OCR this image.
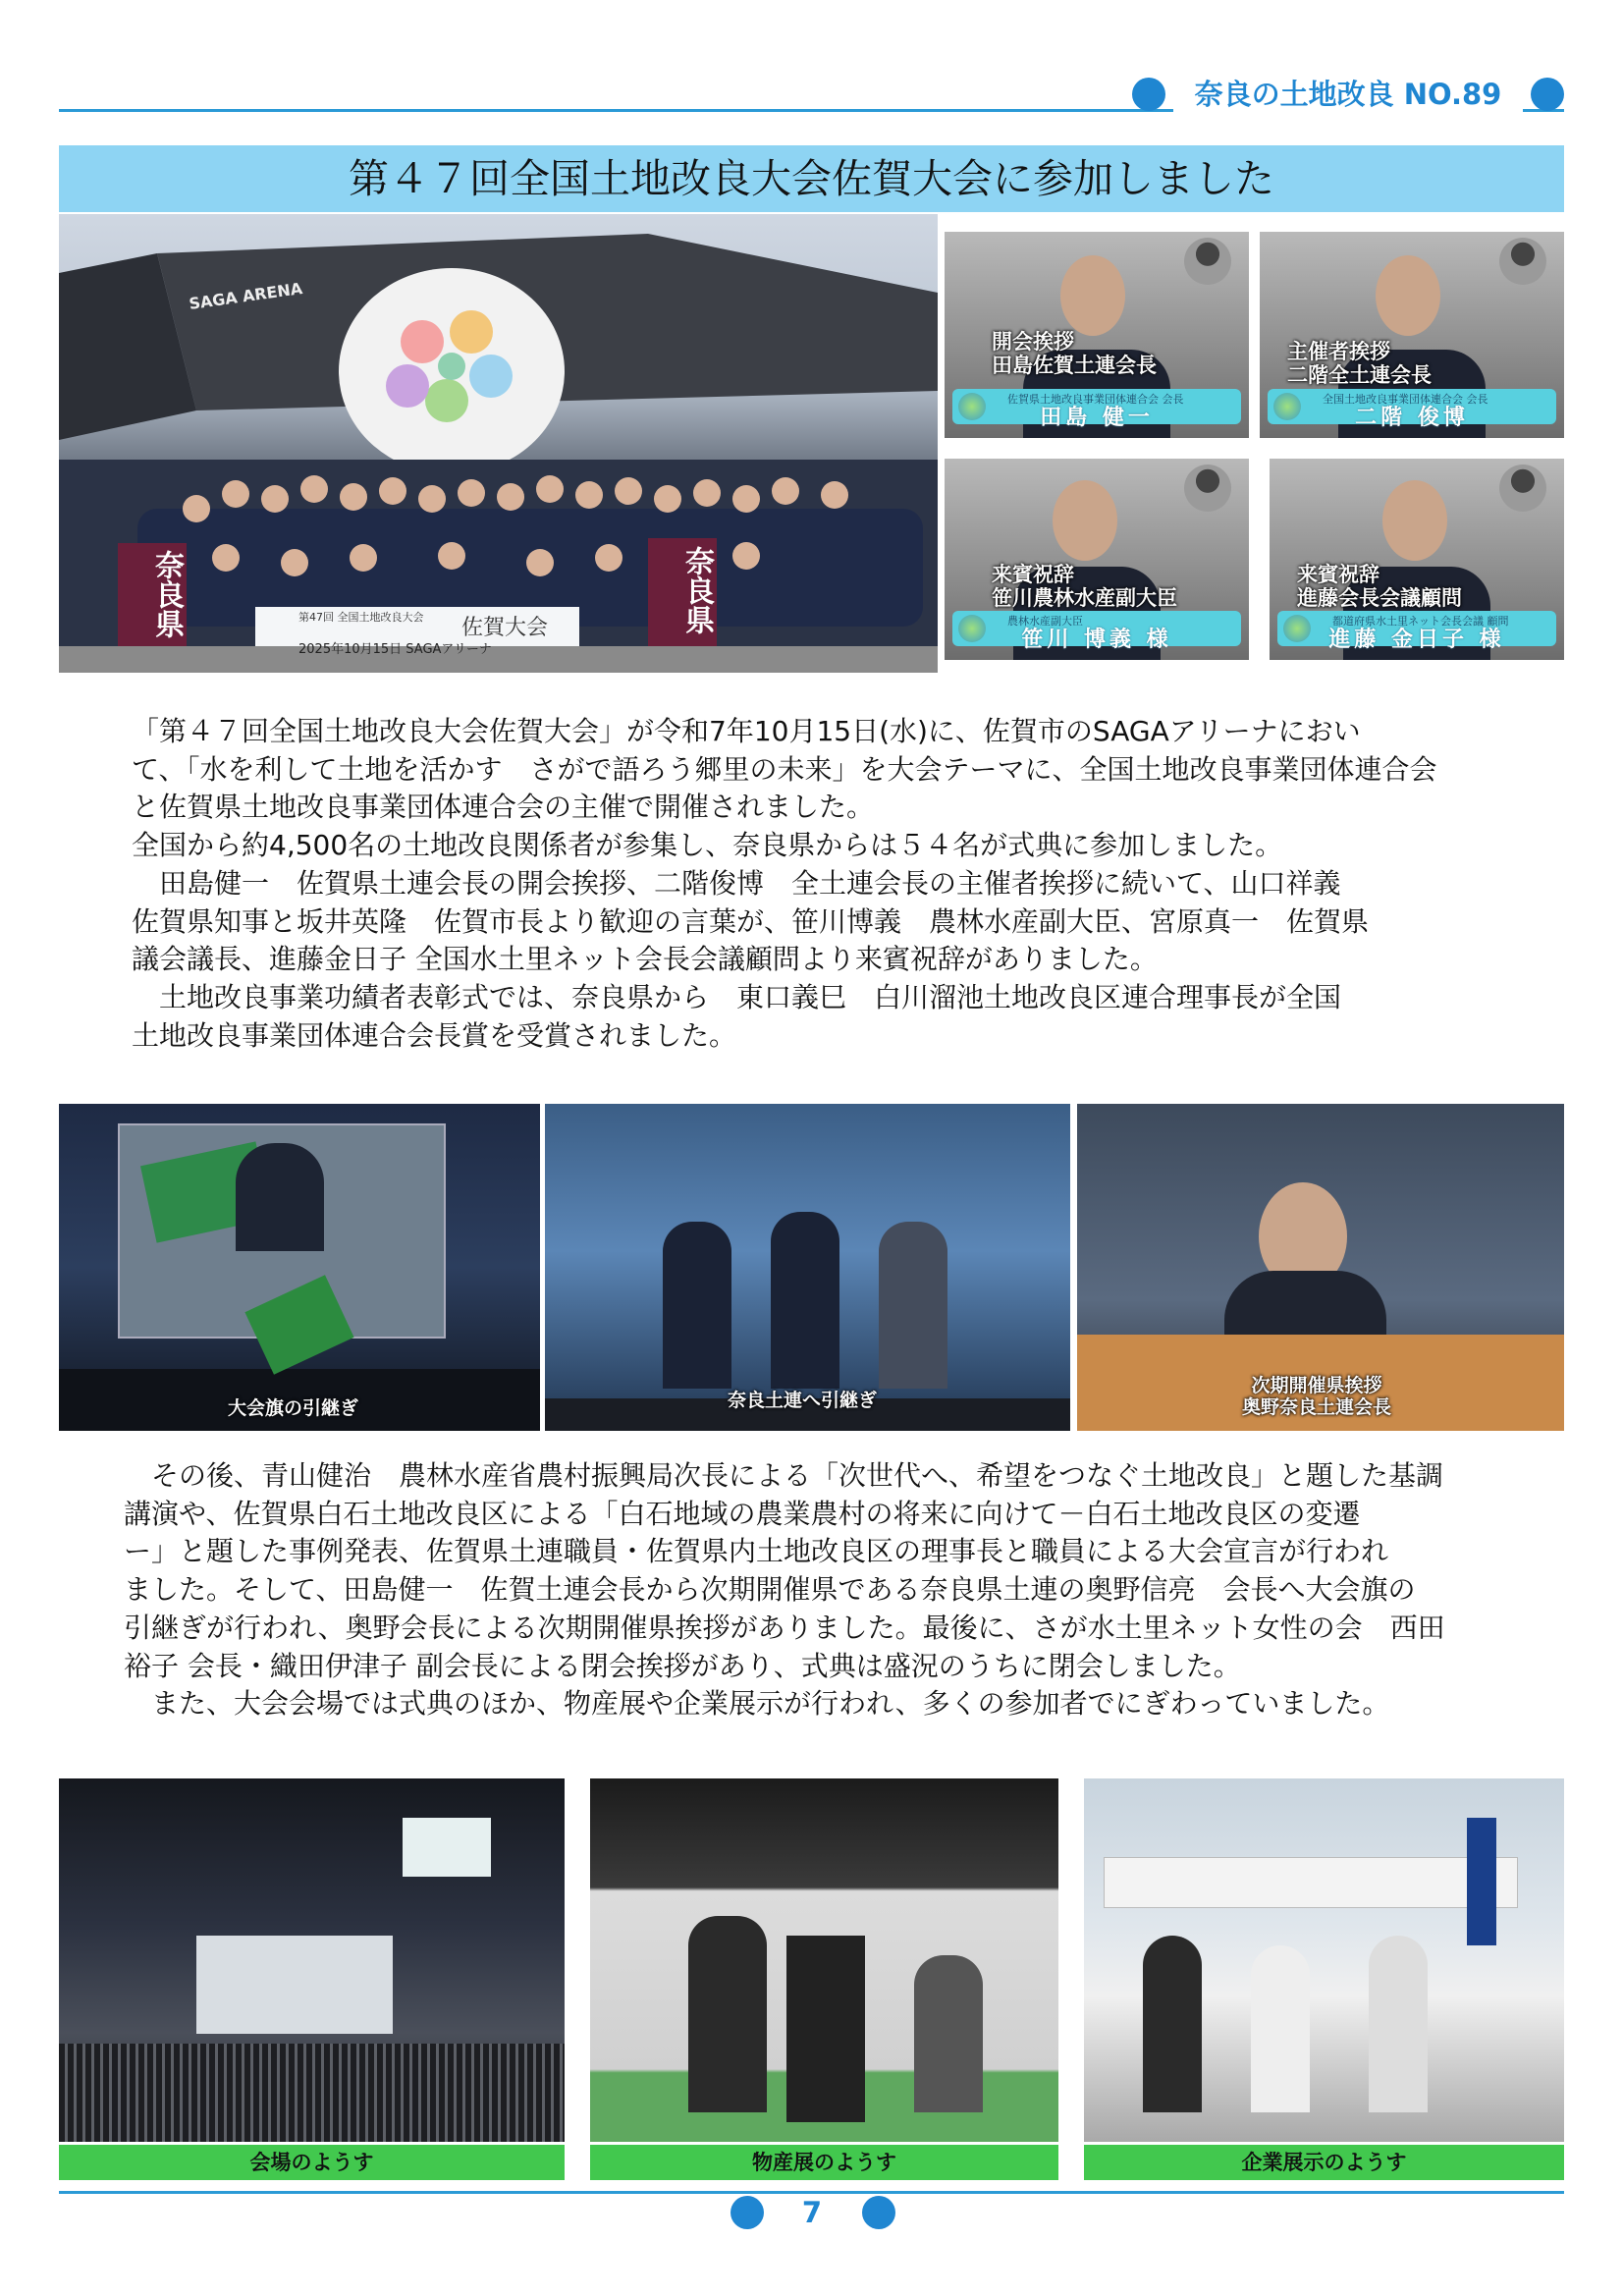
奈良の土地改良 NO.89
第４７回全国土地改良大会佐賀大会に参加しました
SAGA ARENA
奈良県	奈良県
第47回 全国土地改良大会 佐賀大会
2025年10月15日 SAGAアリーナ
佐賀県土地改良事業団体連合会 会長
田島 健一
開会挨拶
田島佐賀土連会長
全国土地改良事業団体連合会 会長
二階 俊博
主催者挨拶
二階全土連会長
農林水産副大臣
笹川 博義 様
来賓祝辞
笹川農林水産副大臣
都道府県水土里ネット会長会議 顧問
進藤 金日子 様
来賓祝辞
進藤会長会議顧問
「第４７回全国土地改良大会佐賀大会」が令和7年10月15日(水)に、佐賀市のSAGAアリーナにおい
て、「水を利して土地を活かす　さがで語ろう郷里の未来」を大会テーマに、全国土地改良事業団体連合会
と佐賀県土地改良事業団体連合会の主催で開催されました。
全国から約4,500名の土地改良関係者が参集し、奈良県からは５４名が式典に参加しました。
　田島健一　佐賀県土連会長の開会挨拶、二階俊博　全土連会長の主催者挨拶に続いて、山口祥義
佐賀県知事と坂井英隆　佐賀市長より歓迎の言葉が、笹川博義　農林水産副大臣、宮原真一　佐賀県
議会議長、進藤金日子 全国水土里ネット会長会議顧問より来賓祝辞がありました。
　土地改良事業功績者表彰式では、奈良県から　東口義巳　白川溜池土地改良区連合理事長が全国
土地改良事業団体連合会長賞を受賞されました。
大会旗の引継ぎ	奈良土連へ引継ぎ
次期開催県挨拶
奥野奈良土連会長
　その後、青山健治　農林水産省農村振興局次長による「次世代へ、希望をつなぐ土地改良」と題した基調
講演や、佐賀県白石土地改良区による「白石地域の農業農村の将来に向けて－白石土地改良区の変遷
ー」と題した事例発表、佐賀県土連職員・佐賀県内土地改良区の理事長と職員による大会宣言が行われ
ました。そして、田島健一　佐賀土連会長から次期開催県である奈良県土連の奥野信亮　会長へ大会旗の
引継ぎが行われ、奥野会長による次期開催県挨拶がありました。最後に、さが水土里ネット女性の会　西田
裕子 会長・織田伊津子 副会長による閉会挨拶があり、式典は盛況のうちに閉会しました。
　また、大会会場では式典のほか、物産展や企業展示が行われ、多くの参加者でにぎわっていました。
会場のようす	物産展のようす	企業展示のようす
7
